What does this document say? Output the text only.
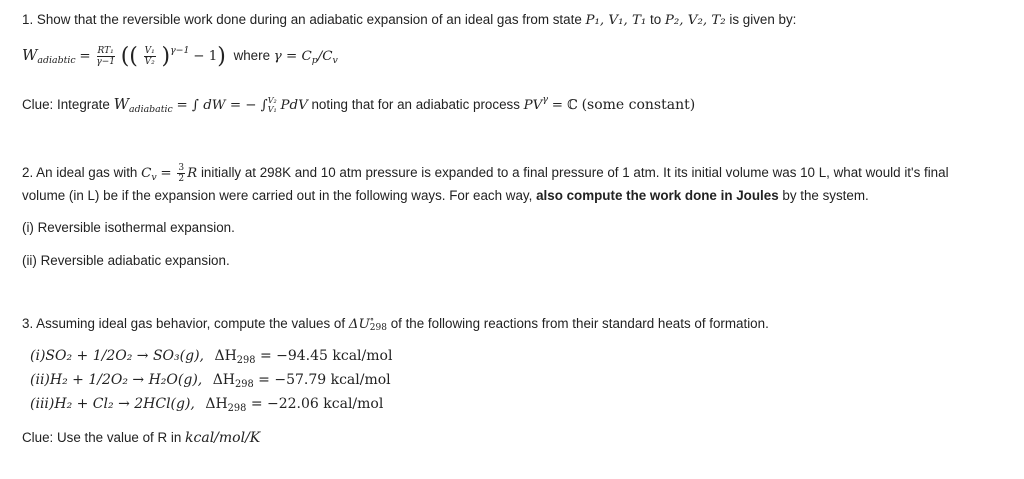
1. Show that the reversible work done during an adiabatic expansion of an ideal gas from state P₁, V₁, T₁ to P₂, V₂, T₂ is given by:
$W_{adiabtic} = \frac{\text{RT₁}}{\gamma-1}$ (( $\frac{\text{V₁}}{\text{V₂}} )^{\gamma-1} - 1$) where $\gamma = C_p/C_v$
Clue: Integrate $W_{adiabatic}$ = ∫ dW = − ∫ V₂
V₁ PdV noting that for an adiabatic process $PV^\gamma$ = ℂ (some constant)
2. An ideal gas with $C_v = \frac{3}{2}$ R initially at 298K and 10 atm pressure is expanded to a final pressure of 1 atm. It its initial volume was 10 L, what would it's final
volume (in L) be if the expansion were carried out in the following ways. For each way, also compute the work done in Joules by the system.
(i) Reversible isothermal expansion.
(ii) Reversible adiabatic expansion.
3. Assuming ideal gas behavior, compute the values of ΔU ∘
298 of the following reactions from their standard heats of formation.
(i)SO₂ + 1/2O₂ → SO₃(g), $\Delta H_{298} = -94.45$ kcal/mol
(ii)H₂ + 1/2O₂ → H₂O(g), $\Delta H_{298} = -57.79$ kcal/mol
(iii)H₂ + Cl₂ → 2HCl(g), $\Delta H_{298} = -22.06$ kcal/mol
Clue: Use the value of R in kcal/mol/K
